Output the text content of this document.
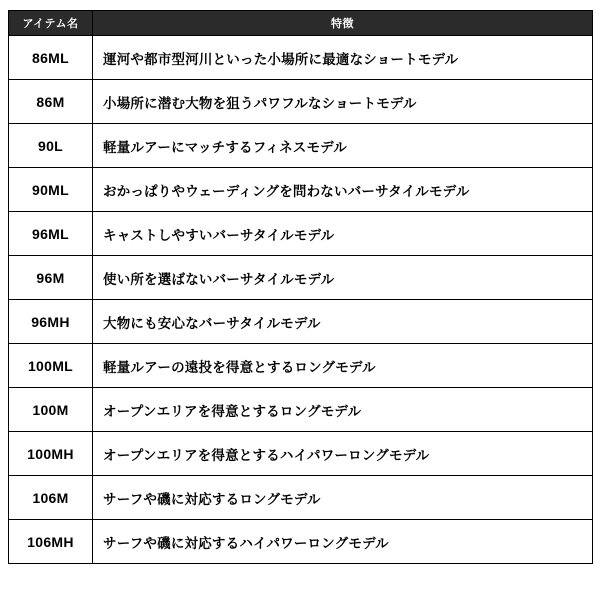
アイテム名	特徴
86ML	運河や都市型河川といった小場所に最適なショートモデル
86M	小場所に潜む大物を狙うパワフルなショートモデル
90L	軽量ルアーにマッチするフィネスモデル
90ML	おかっぱりやウェーディングを問わないバーサタイルモデル
96ML	キャストしやすいバーサタイルモデル
96M	使い所を選ばないバーサタイルモデル
96MH	大物にも安心なバーサタイルモデル
100ML	軽量ルアーの遠投を得意とするロングモデル
100M	オープンエリアを得意とするロングモデル
100MH	オープンエリアを得意とするハイパワーロングモデル
106M	サーフや磯に対応するロングモデル
106MH	サーフや磯に対応するハイパワーロングモデル
